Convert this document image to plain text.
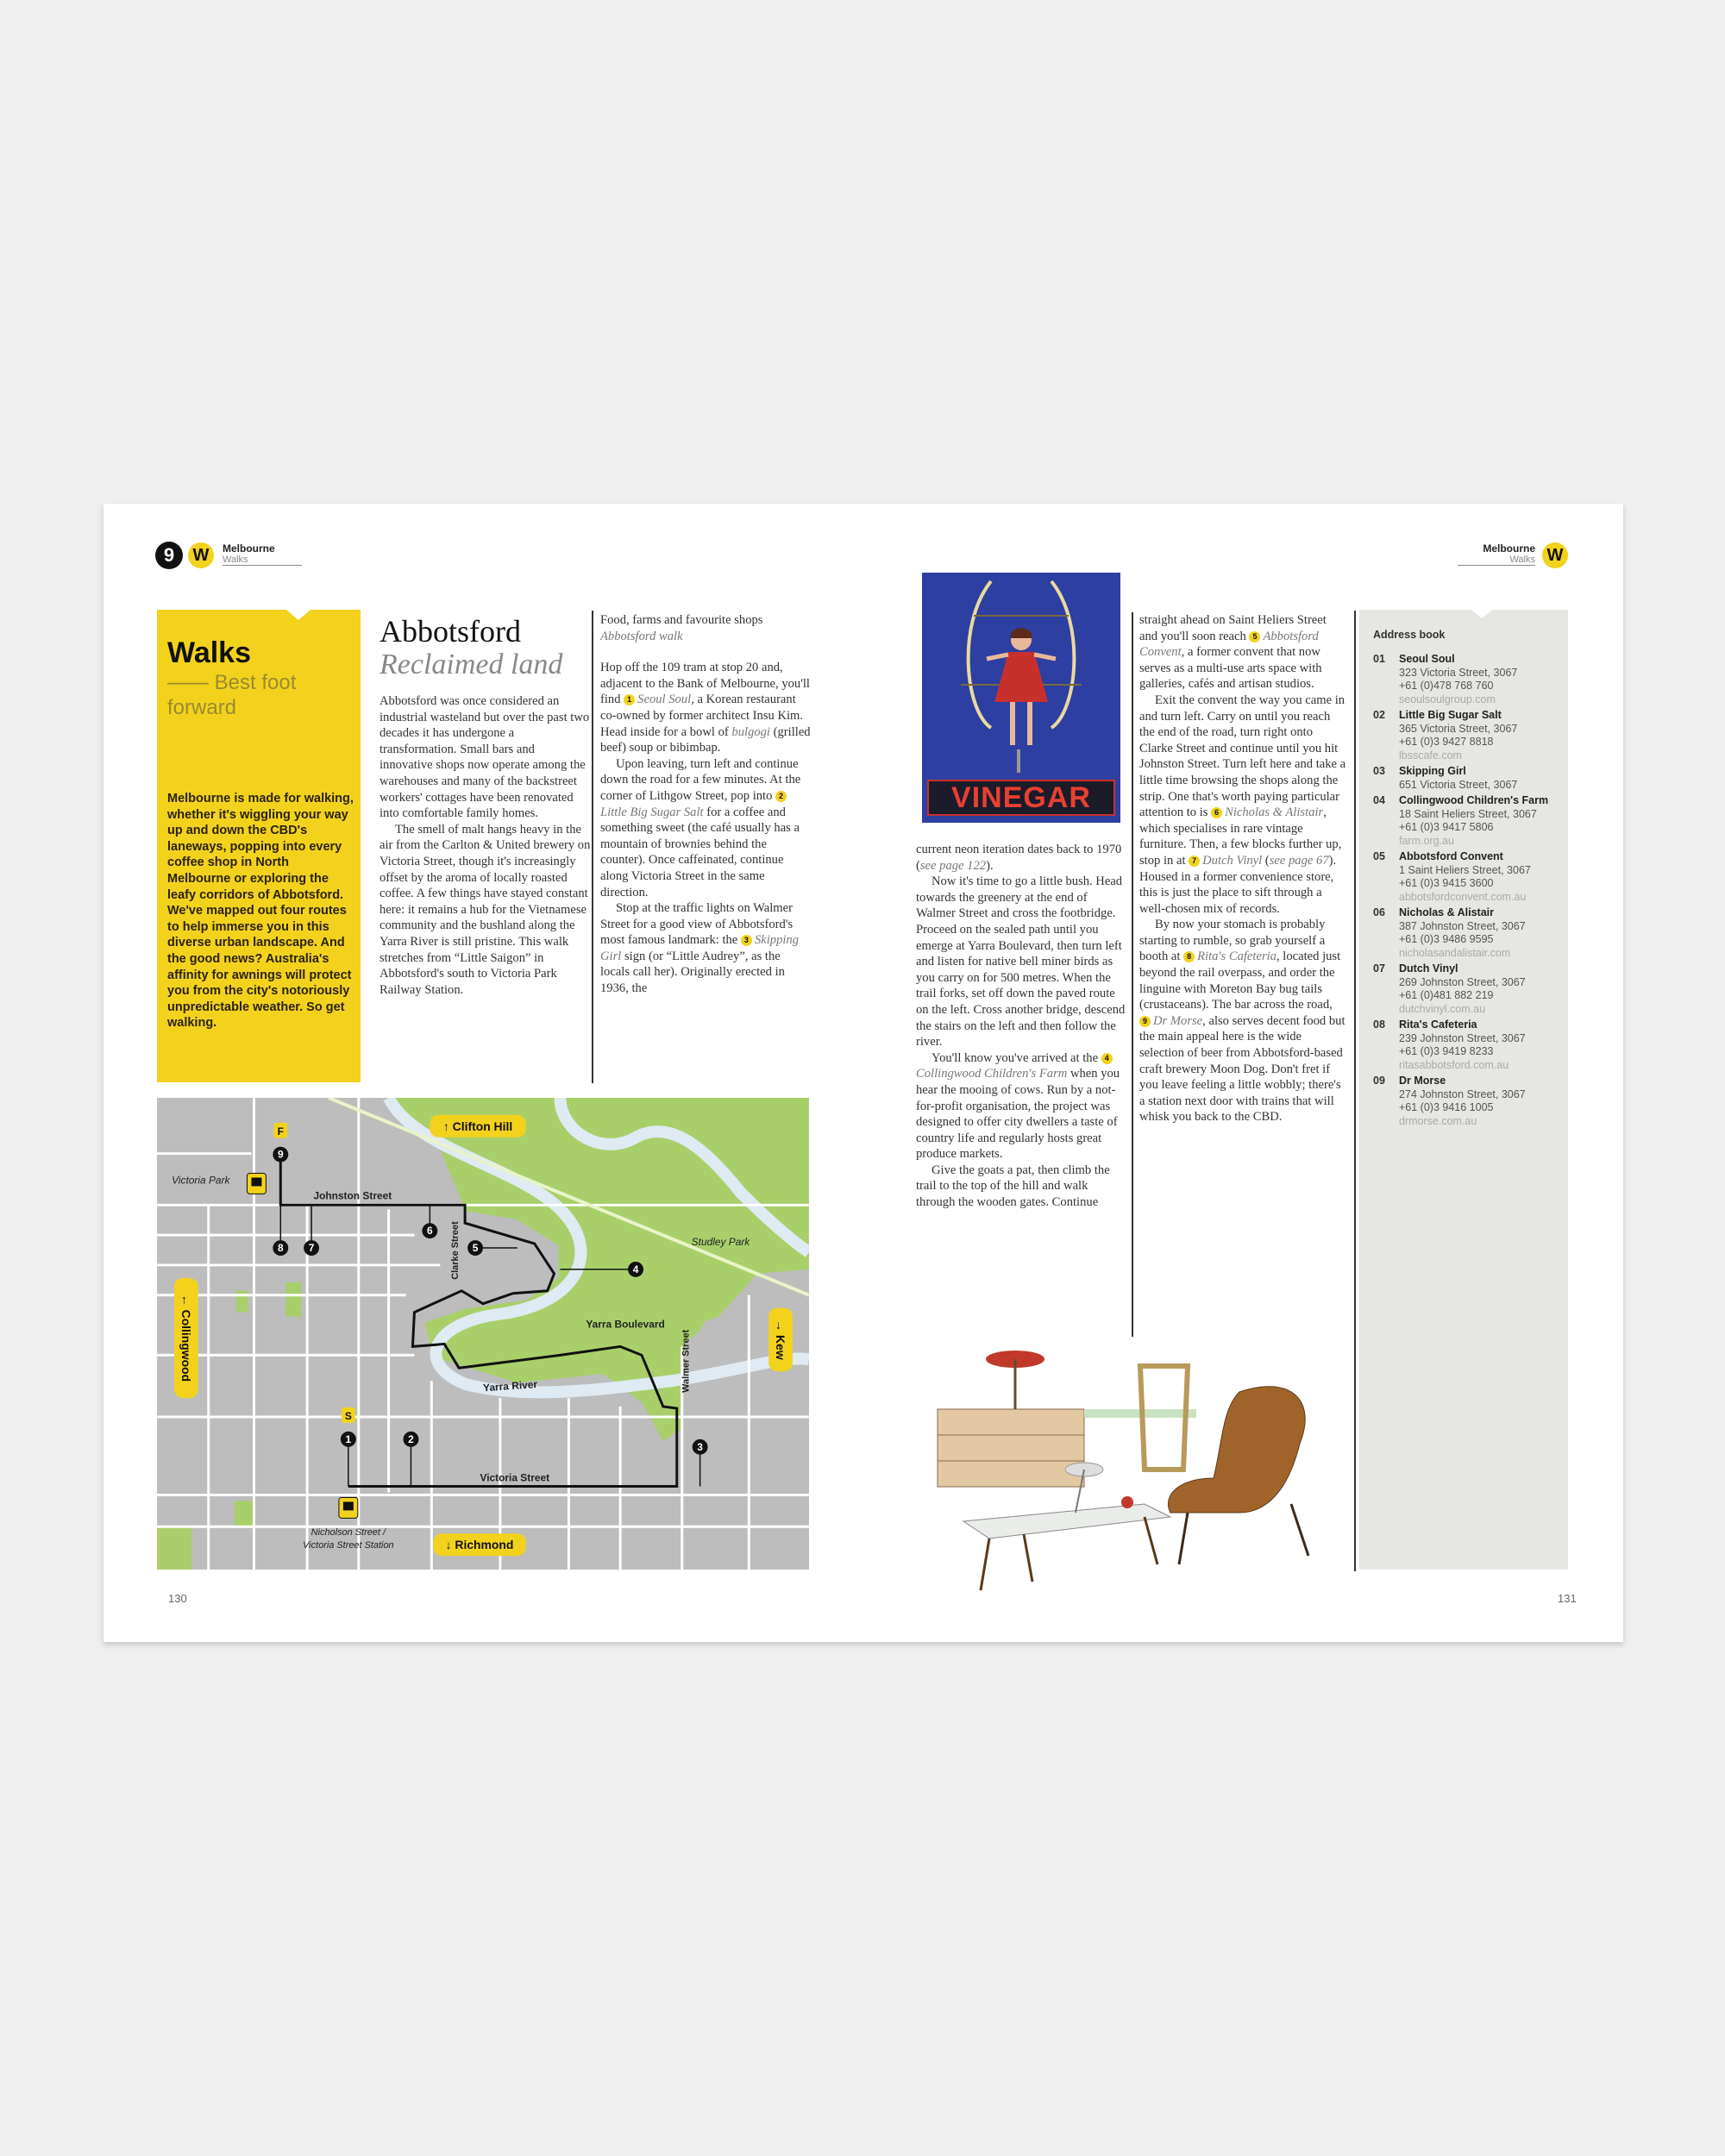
9	W	Melbourne
Walks
Melbourne
Walks W
Walks
—— Best foot
forward
Melbourne is made for walking, whether it's wiggling your way up and down the CBD's laneways, popping into every coffee shop in North Melbourne or exploring the leafy corridors of Abbotsford. We've mapped out four routes to help immerse you in this diverse urban landscape. And the good news? Australia's affinity for awnings will protect you from the city's notoriously unpredictable weather. So get walking.
Abbotsford
Reclaimed land

Abbotsford was once considered an industrial wasteland but over the past two decades it has undergone a transformation. Small bars and innovative shops now operate among the warehouses and many of the backstreet workers' cottages have been renovated into comfortable family homes.

The smell of malt hangs heavy in the air from the Carlton & United brewery on Victoria Street, though it's increasingly offset by the aroma of locally roasted coffee. A few things have stayed constant here: it remains a hub for the Vietnamese community and the bushland along the Yarra River is still pristine. This walk stretches from “Little Saigon” in Abbotsford's south to Victoria Park Railway Station.

Food, farms and favourite shops
Abbotsford walk

Hop off the 109 tram at stop 20 and, adjacent to the Bank of Melbourne, you'll find 1 Seoul Soul, a Korean restaurant co-owned by former architect Insu Kim. Head inside for a bowl of bulgogi (grilled beef) soup or bibimbap.

Upon leaving, turn left and continue down the road for a few minutes. At the corner of Lithgow Street, pop into 2Little Big Sugar Salt for a coffee and something sweet (the café usually has a mountain of brownies behind the counter). Once caffeinated, continue along Victoria Street in the same direction.

Stop at the traffic lights on Walmer Street for a good view of Abbotsford's most famous landmark: the 3 Skipping Girl sign (or “Little Audrey”, as the locals call her). Originally erected in 1936, the

1	2
3
4
5
6
7
8
9
S
F
Victoria Park
Johnston Street
Clarke Street	Studley Park
Yarra Boulevard
Walmer Street
Yarra River
Victoria Street
Nicholson Street /
Victoria Street Station
↑ Clifton Hill
↓ Richmond
← Collingwood	→ Kew
VINEGAR

current neon iteration dates back to 1970 (see page 122).

Now it's time to go a little bush. Head towards the greenery at the end of Walmer Street and cross the footbridge. Proceed on the sealed path until you emerge at Yarra Boulevard, then turn left and listen for native bell miner birds as you carry on for 500 metres. When the trail forks, set off down the paved route on the left. Cross another bridge, descend the stairs on the left and then follow the river.

You'll know you've arrived at the 4Collingwood Children's Farm when you hear the mooing of cows. Run by a not-for-profit organisation, the project was designed to offer city dwellers a taste of country life and regularly hosts great produce markets.

Give the goats a pat, then climb the trail to the top of the hill and walk through the wooden gates. Continue

straight ahead on Saint Heliers Street and you'll soon reach 5 Abbotsford Convent, a former convent that now serves as a multi-use arts space with galleries, cafés and artisan studios.

Exit the convent the way you came in and turn left. Carry on until you reach the end of the road, turn right onto Clarke Street and continue until you hit Johnston Street. Turn left here and take a little time browsing the shops along the strip. One that's worth paying particular attention to is 6 Nicholas & Alistair, which specialises in rare vintage furniture. Then, a few blocks further up, stop in at 7 Dutch Vinyl (see page 67). Housed in a former convenience store, this is just the place to sift through a well-chosen mix of records.

By now your stomach is probably starting to rumble, so grab yourself a booth at 8 Rita's Cafeteria, located just beyond the rail overpass, and order the linguine with Moreton Bay bug tails (crustaceans). The bar across the road, 9 Dr Morse, also serves decent food but the main appeal here is the wide selection of beer from Abbotsford-based craft brewery Moon Dog. Don't fret if you leave feeling a little wobbly; there's a station next door with trains that will whisk you back to the CBD.

Address book
01	Seoul Soul
323 Victoria Street, 3067
+61 (0)478 768 760
seoulsoulgroup.com
02	Little Big Sugar Salt
365 Victoria Street, 3067
+61 (0)3 9427 8818
lbsscafe.com
03	Skipping Girl
651 Victoria Street, 3067
04	Collingwood Children's Farm
18 Saint Heliers Street, 3067
+61 (0)3 9417 5806
farm.org.au
05	Abbotsford Convent
1 Saint Heliers Street, 3067
+61 (0)3 9415 3600
abbotsfordconvent.com.au
06	Nicholas & Alistair
387 Johnston Street, 3067
+61 (0)3 9486 9595
nicholasandalistair.com
07	Dutch Vinyl
269 Johnston Street, 3067
+61 (0)481 882 219
dutchvinyl.com.au
08	Rita's Cafeteria
239 Johnston Street, 3067
+61 (0)3 9419 8233
ritasabbotsford.com.au
09	Dr Morse
274 Johnston Street, 3067
+61 (0)3 9416 1005
drmorse.com.au
130	131
